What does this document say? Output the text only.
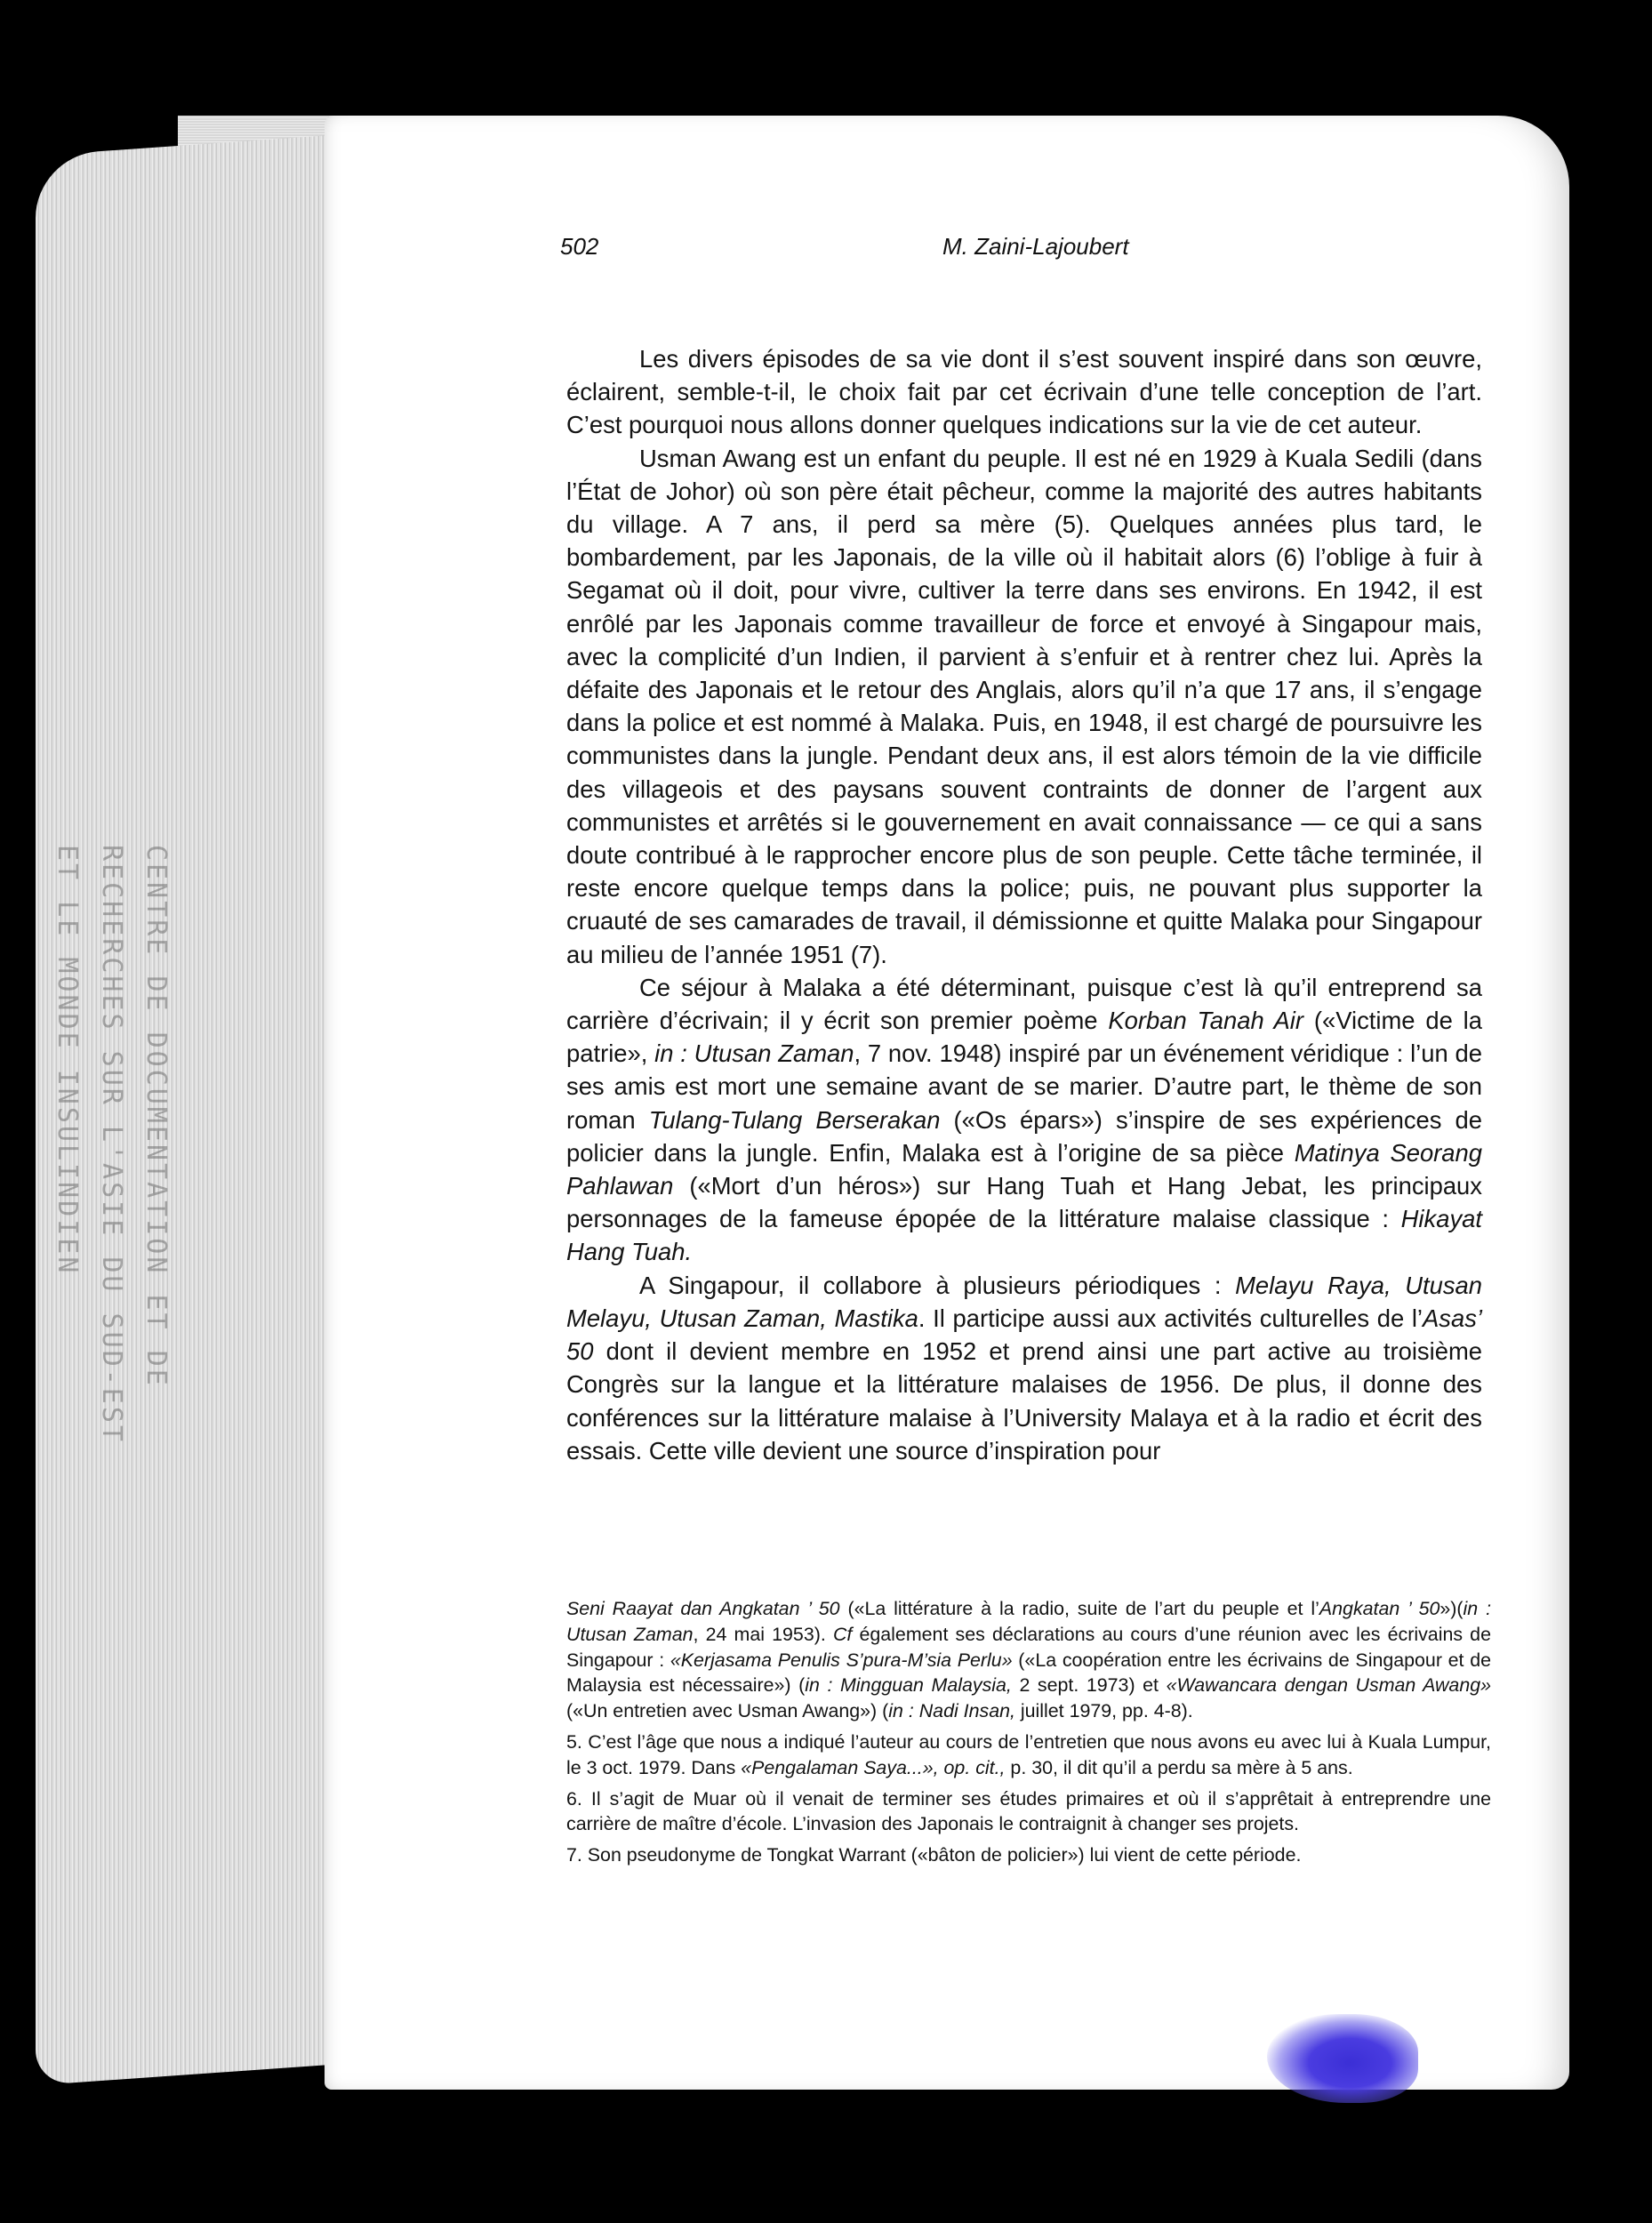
CENTRE DE DOCUMENTATION ET DE
RECHERCHES SUR L'ASIE DU SUD-EST
ET LE MONDE INSULINDIEN
502	M. Zaini-Lajoubert

Les divers épisodes de sa vie dont il s’est souvent inspiré dans son œuvre, éclairent, semble-t-il, le choix fait par cet écrivain d’une telle conception de l’art. C’est pourquoi nous allons donner quelques indications sur la vie de cet auteur.

Usman Awang est un enfant du peuple. Il est né en 1929 à Kuala Sedili (dans l’État de Johor) où son père était pêcheur, comme la majorité des autres habitants du village. A 7 ans, il perd sa mère (5). Quelques années plus tard, le bombardement, par les Japonais, de la ville où il habitait alors (6) l’oblige à fuir à Segamat où il doit, pour vivre, cultiver la terre dans ses environs. En 1942, il est enrôlé par les Japonais comme travailleur de force et envoyé à Singapour mais, avec la complicité d’un Indien, il parvient à s’enfuir et à rentrer chez lui. Après la défaite des Japonais et le retour des Anglais, alors qu’il n’a que 17 ans, il s’engage dans la police et est nommé à Malaka. Puis, en 1948, il est chargé de poursuivre les communistes dans la jungle. Pendant deux ans, il est alors témoin de la vie difficile des villageois et des paysans souvent contraints de donner de l’argent aux communistes et arrêtés si le gouvernement en avait connaissance — ce qui a sans doute contribué à le rapprocher encore plus de son peuple. Cette tâche terminée, il reste encore quelque temps dans la police; puis, ne pouvant plus supporter la cruauté de ses camarades de travail, il démissionne et quitte Malaka pour Singapour au milieu de l’année 1951 (7).

Ce séjour à Malaka a été déterminant, puisque c’est là qu’il entreprend sa carrière d’écrivain; il y écrit son premier poème Korban Tanah Air («Victime de la patrie», in : Utusan Zaman, 7 nov. 1948) inspiré par un événement véridique : l’un de ses amis est mort une semaine avant de se marier. D’autre part, le thème de son roman Tulang-Tulang Berserakan («Os épars») s’inspire de ses expériences de policier dans la jungle. Enfin, Malaka est à l’origine de sa pièce Matinya Seorang Pahlawan («Mort d’un héros») sur Hang Tuah et Hang Jebat, les principaux personnages de la fameuse épopée de la littérature malaise classique : Hikayat Hang Tuah.

A Singapour, il collabore à plusieurs périodiques : Melayu Raya, Utusan Melayu, Utusan Zaman, Mastika. Il participe aussi aux activités culturelles de l’Asas’ 50 dont il devient membre en 1952 et prend ainsi une part active au troisième Congrès sur la langue et la littérature malaises de 1956. De plus, il donne des conférences sur la littérature malaise à l’University Malaya et à la radio et écrit des essais. Cette ville devient une source d’inspiration pour

Seni Raayat dan Angkatan ’ 50 («La littérature à la radio, suite de l’art du peuple et l’Angkatan ’ 50»)(in : Utusan Zaman, 24 mai 1953). Cf également ses déclarations au cours d’une réunion avec les écrivains de Singapour : «Kerjasama Penulis S’pura-M’sia Perlu» («La coopération entre les écrivains de Singapour et de Malaysia est nécessaire») (in : Mingguan Malaysia, 2 sept. 1973) et «Wawancara dengan Usman Awang» («Un entretien avec Usman Awang») (in : Nadi Insan, juillet 1979, pp. 4-8).

5. C’est l’âge que nous a indiqué l’auteur au cours de l’entretien que nous avons eu avec lui à Kuala Lumpur, le 3 oct. 1979. Dans «Pengalaman Saya...», op. cit., p. 30, il dit qu’il a perdu sa mère à 5 ans.

6. Il s’agit de Muar où il venait de terminer ses études primaires et où il s’apprêtait à entreprendre une carrière de maître d’école. L’invasion des Japonais le contraignit à changer ses projets.

7. Son pseudonyme de Tongkat Warrant («bâton de policier») lui vient de cette période.
